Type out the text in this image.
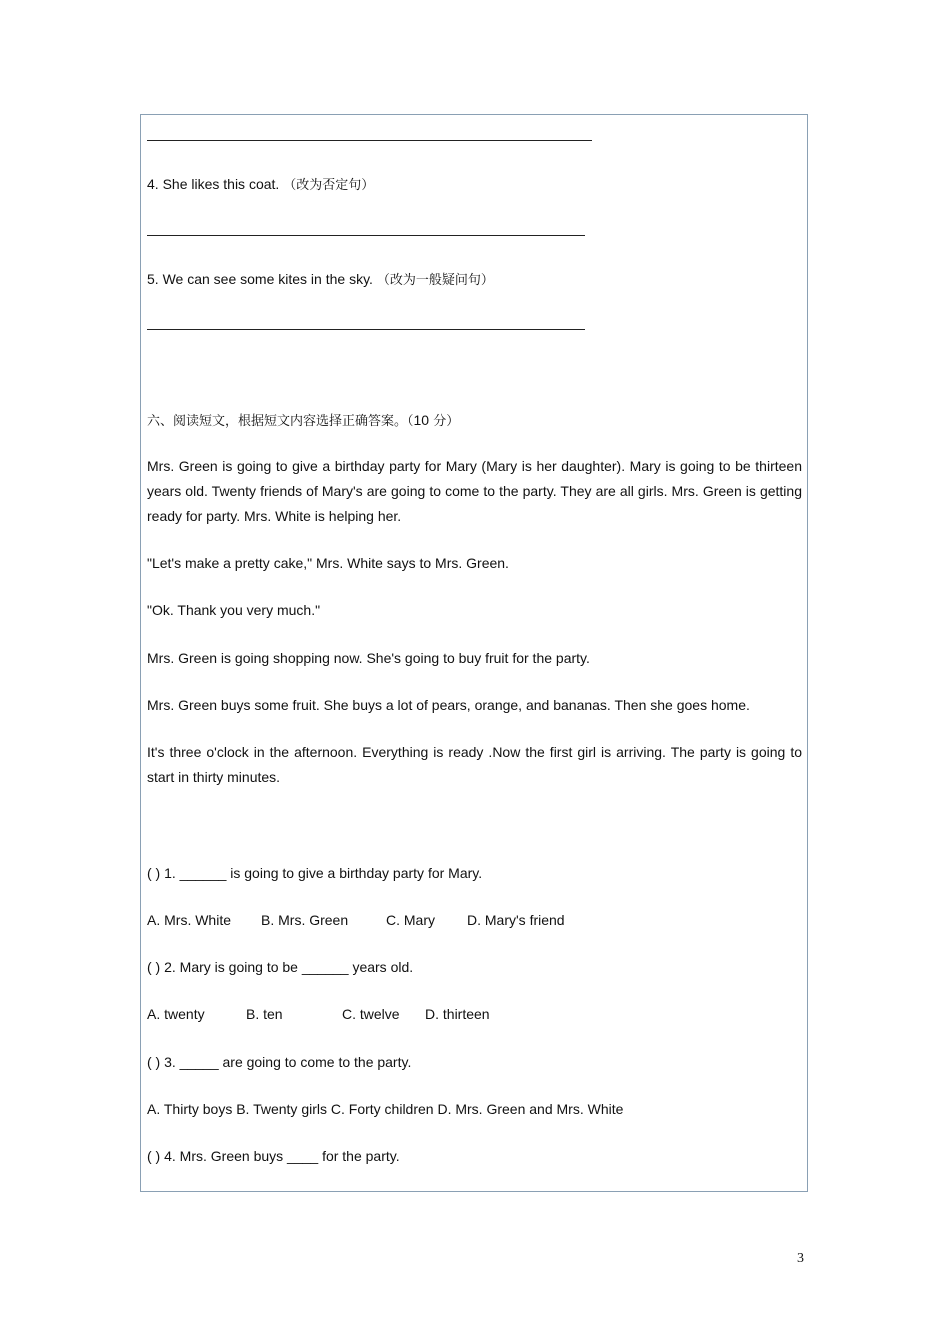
4. She likes this coat. （改为否定句）
5. We can see some kites in the sky. （改为一般疑问句）
六、阅读短文，根据短文内容选择正确答案。（10 分）
Mrs. Green is going to give a birthday party for Mary (Mary is her daughter). Mary is going to be thirteen years old. Twenty friends of Mary's are going to come to the party. They are all girls. Mrs. Green is getting ready for party. Mrs. White is helping her.
"Let's make a pretty cake," Mrs. White says to Mrs. Green.
"Ok. Thank you very much."
Mrs. Green is going shopping now. She's going to buy fruit for the party.
Mrs. Green buys some fruit. She buys a lot of pears, orange, and bananas. Then she goes home.
It's three o'clock in the afternoon. Everything is ready .Now the first girl is arriving. The party is going to start in thirty minutes.
( ) 1. ______ is going to give a birthday party for Mary.
A. Mrs. White B. Mrs. Green	C. Mary D. Mary's friend
( ) 2. Mary is going to be ______ years old.
A. twenty	B. ten	C. twelve D. thirteen
( ) 3. _____ are going to come to the party.
A. Thirty boys B. Twenty girls C. Forty children D. Mrs. Green and Mrs. White
( ) 4. Mrs. Green buys ____ for the party.
3
